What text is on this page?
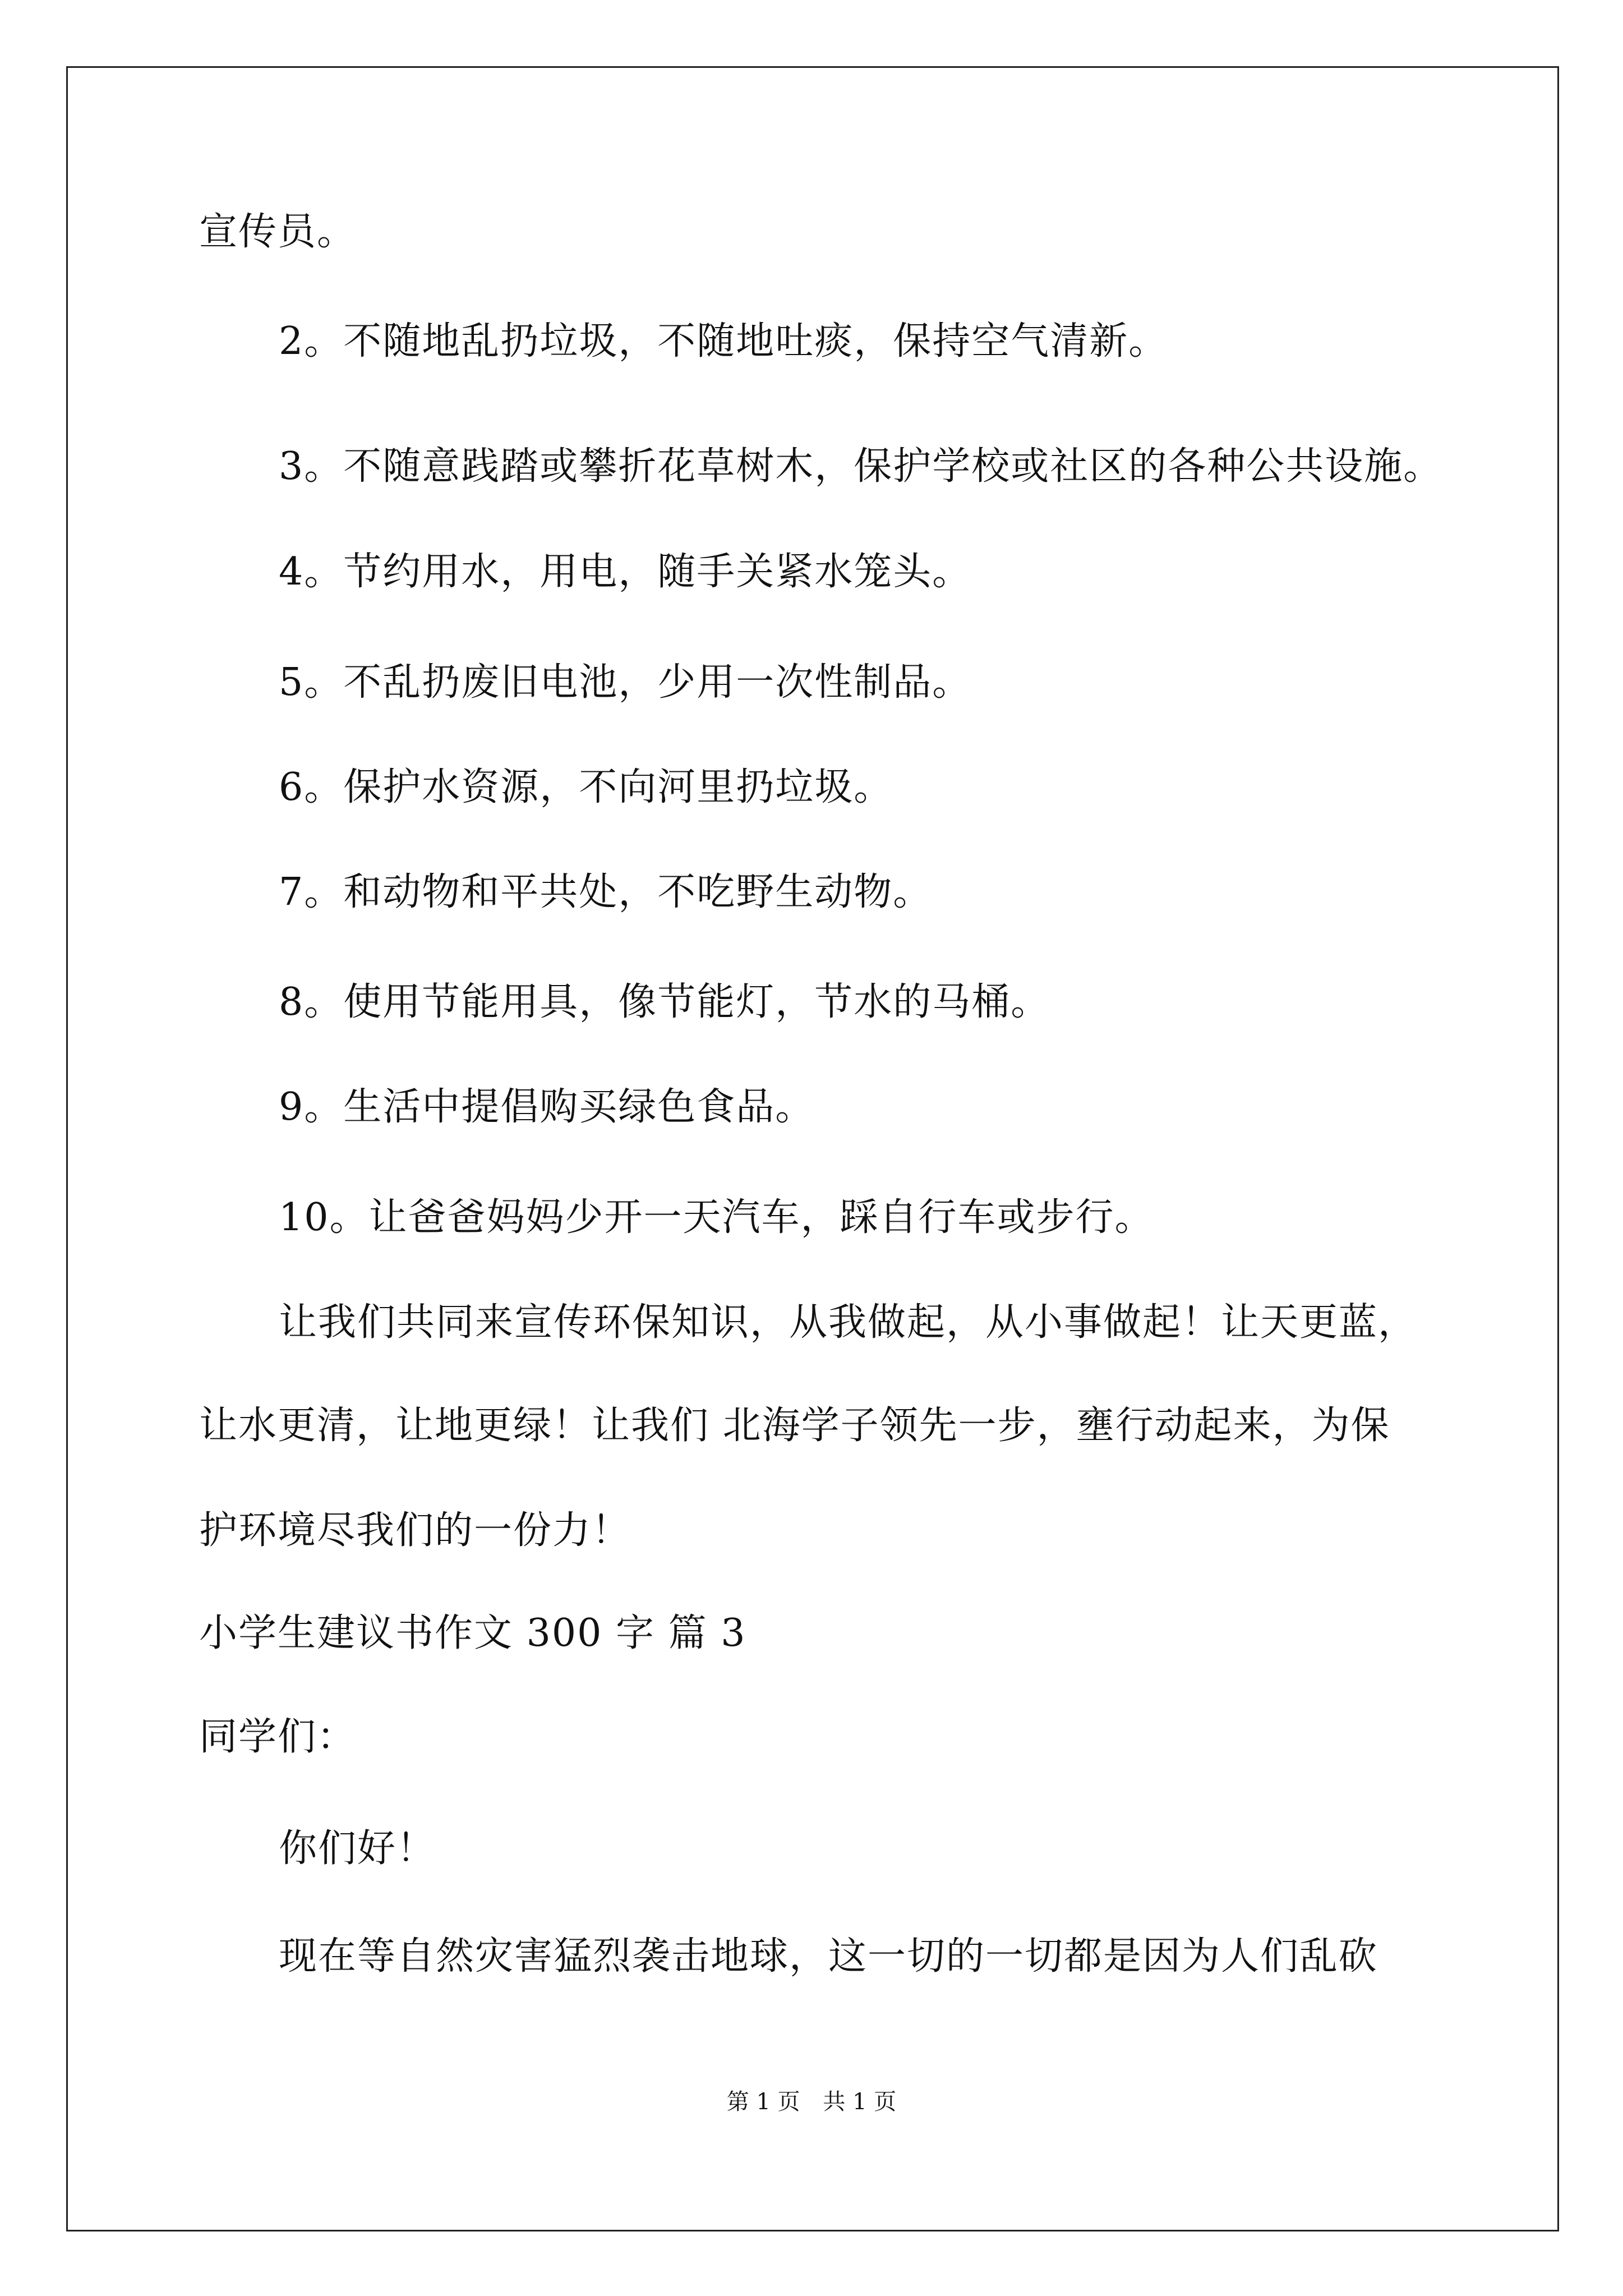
宣传员。
2。不随地乱扔垃圾，不随地吐痰，保持空气清新。
3。不随意践踏或攀折花草树木，保护学校或社区的各种公共设施。
4。节约用水，用电，随手关紧水笼头。
5。不乱扔废旧电池，少用一次性制品。
6。保护水资源，不向河里扔垃圾。
7。和动物和平共处，不吃野生动物。
8。使用节能用具，像节能灯，节水的马桶。
9。生活中提倡购买绿色食品。
10。让爸爸妈妈少开一天汽车，踩自行车或步行。
让我们共同来宣传环保知识，从我做起，从小事做起！让天更蓝，
让水更清，让地更绿！让我们 北海学子领先一步，壅行动起来，为保
护环境尽我们的一份力！
小学生建议书作文 300 字 篇 3
同学们：
你们好！
现在等自然灾害猛烈袭击地球，这一切的一切都是因为人们乱砍
第 1 页 共 1 页
